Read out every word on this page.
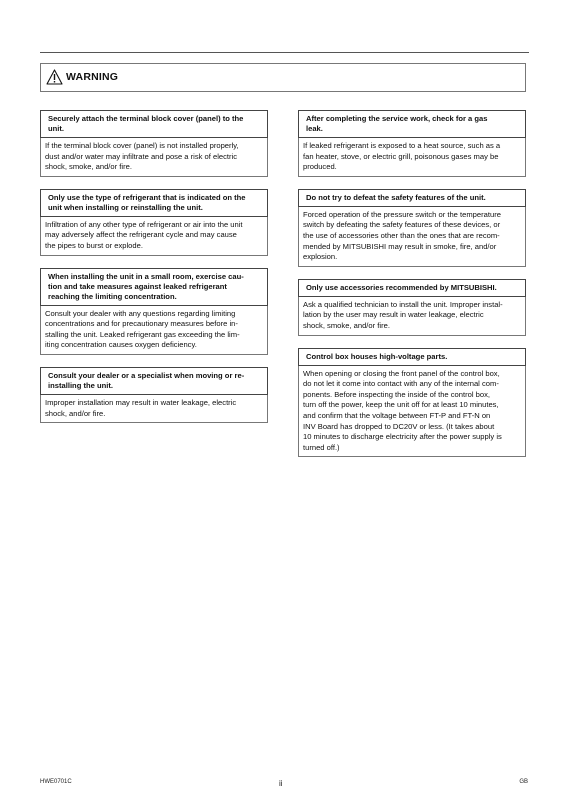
WARNING
Securely attach the terminal block cover (panel) to the
unit.
If the terminal block cover (panel) is not installed properly,
dust and/or water may infiltrate and pose a risk of electric
shock, smoke, and/or fire.
Only use the type of refrigerant that is indicated on the
unit when installing or reinstalling the unit.
Infiltration of any other type of refrigerant or air into the unit
may adversely affect the refrigerant cycle and may cause
the pipes to burst or explode.
When installing the unit in a small room, exercise cau-
tion and take measures against leaked refrigerant
reaching the limiting concentration.
Consult your dealer with any questions regarding limiting
concentrations and for precautionary measures before in-
stalling the unit. Leaked refrigerant gas exceeding the lim-
iting concentration causes oxygen deficiency.
Consult your dealer or a specialist when moving or re-
installing the unit.
Improper installation may result in water leakage, electric
shock, and/or fire.
After completing the service work, check for a gas
leak.
If leaked refrigerant is exposed to a heat source, such as a
fan heater, stove, or electric grill, poisonous gases may be
produced.
Do not try to defeat the safety features of the unit.
Forced operation of the pressure switch or the temperature
switch by defeating the safety features of these devices, or
the use of accessories other than the ones that are recom-
mended by MITSUBISHI may result in smoke, fire, and/or
explosion.
Only use accessories recommended by MITSUBISHI.
Ask a qualified technician to install the unit. Improper instal-
lation by the user may result in water leakage, electric
shock, smoke, and/or fire.
Control box houses high-voltage parts.
When opening or closing the front panel of the control box,
do not let it come into contact with any of the internal com-
ponents. Before inspecting the inside of the control box,
turn off the power, keep the unit off for at least 10 minutes,
and confirm that the voltage between FT-P and FT-N on
INV Board has dropped to DC20V or less. (It takes about
10 minutes to discharge electricity after the power supply is
turned off.)
HWE0701C	ii	GB
